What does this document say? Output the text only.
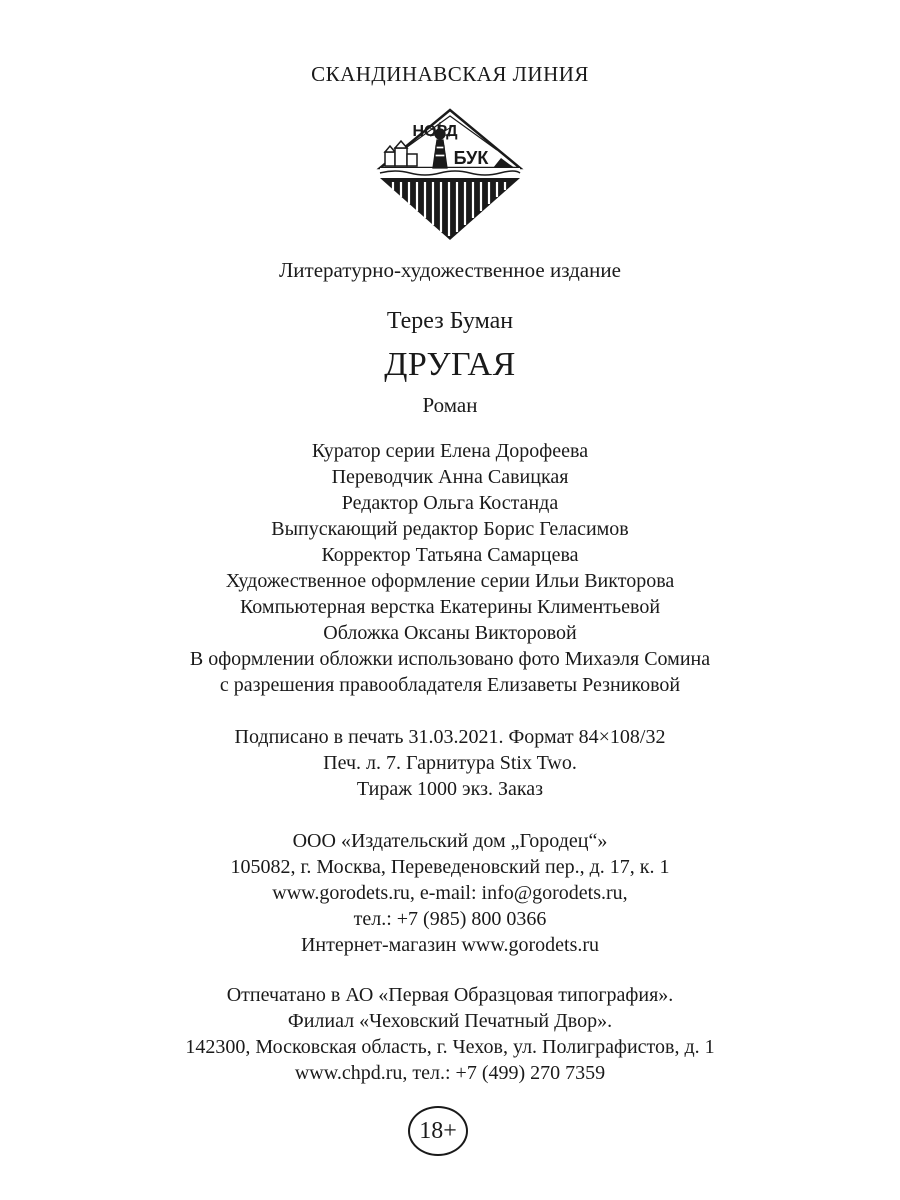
СКАНДИНАВСКАЯ ЛИНИЯ
НОРД
БУК
Литературно-художественное издание
Терез Буман
ДРУГАЯ
Роман
Куратор серии Елена Дорофеева
Переводчик Анна Савицкая
Редактор Ольга Костанда
Выпускающий редактор Борис Геласимов
Корректор Татьяна Самарцева
Художественное оформление серии Ильи Викторова
Компьютерная верстка Екатерины Климентьевой
Обложка Оксаны Викторовой
В оформлении обложки использовано фото Михаэля Сомина
с разрешения правообладателя Елизаветы Резниковой
Подписано в печать 31.03.2021. Формат 84×108/32
Печ. л. 7. Гарнитура Stix Two.
Тираж 1000 экз. Заказ
ООО «Издательский дом „Городец“»
105082, г. Москва, Переведеновский пер., д. 17, к. 1
www.gorodets.ru, e-mail: info@gorodets.ru,
тел.: +7 (985) 800 0366
Интернет-магазин www.gorodets.ru
Отпечатано в АО «Первая Образцовая типография».
Филиал «Чеховский Печатный Двор».
142300, Московская область, г. Чехов, ул. Полиграфистов, д. 1
www.chpd.ru, тел.: +7 (499) 270 7359
18+
